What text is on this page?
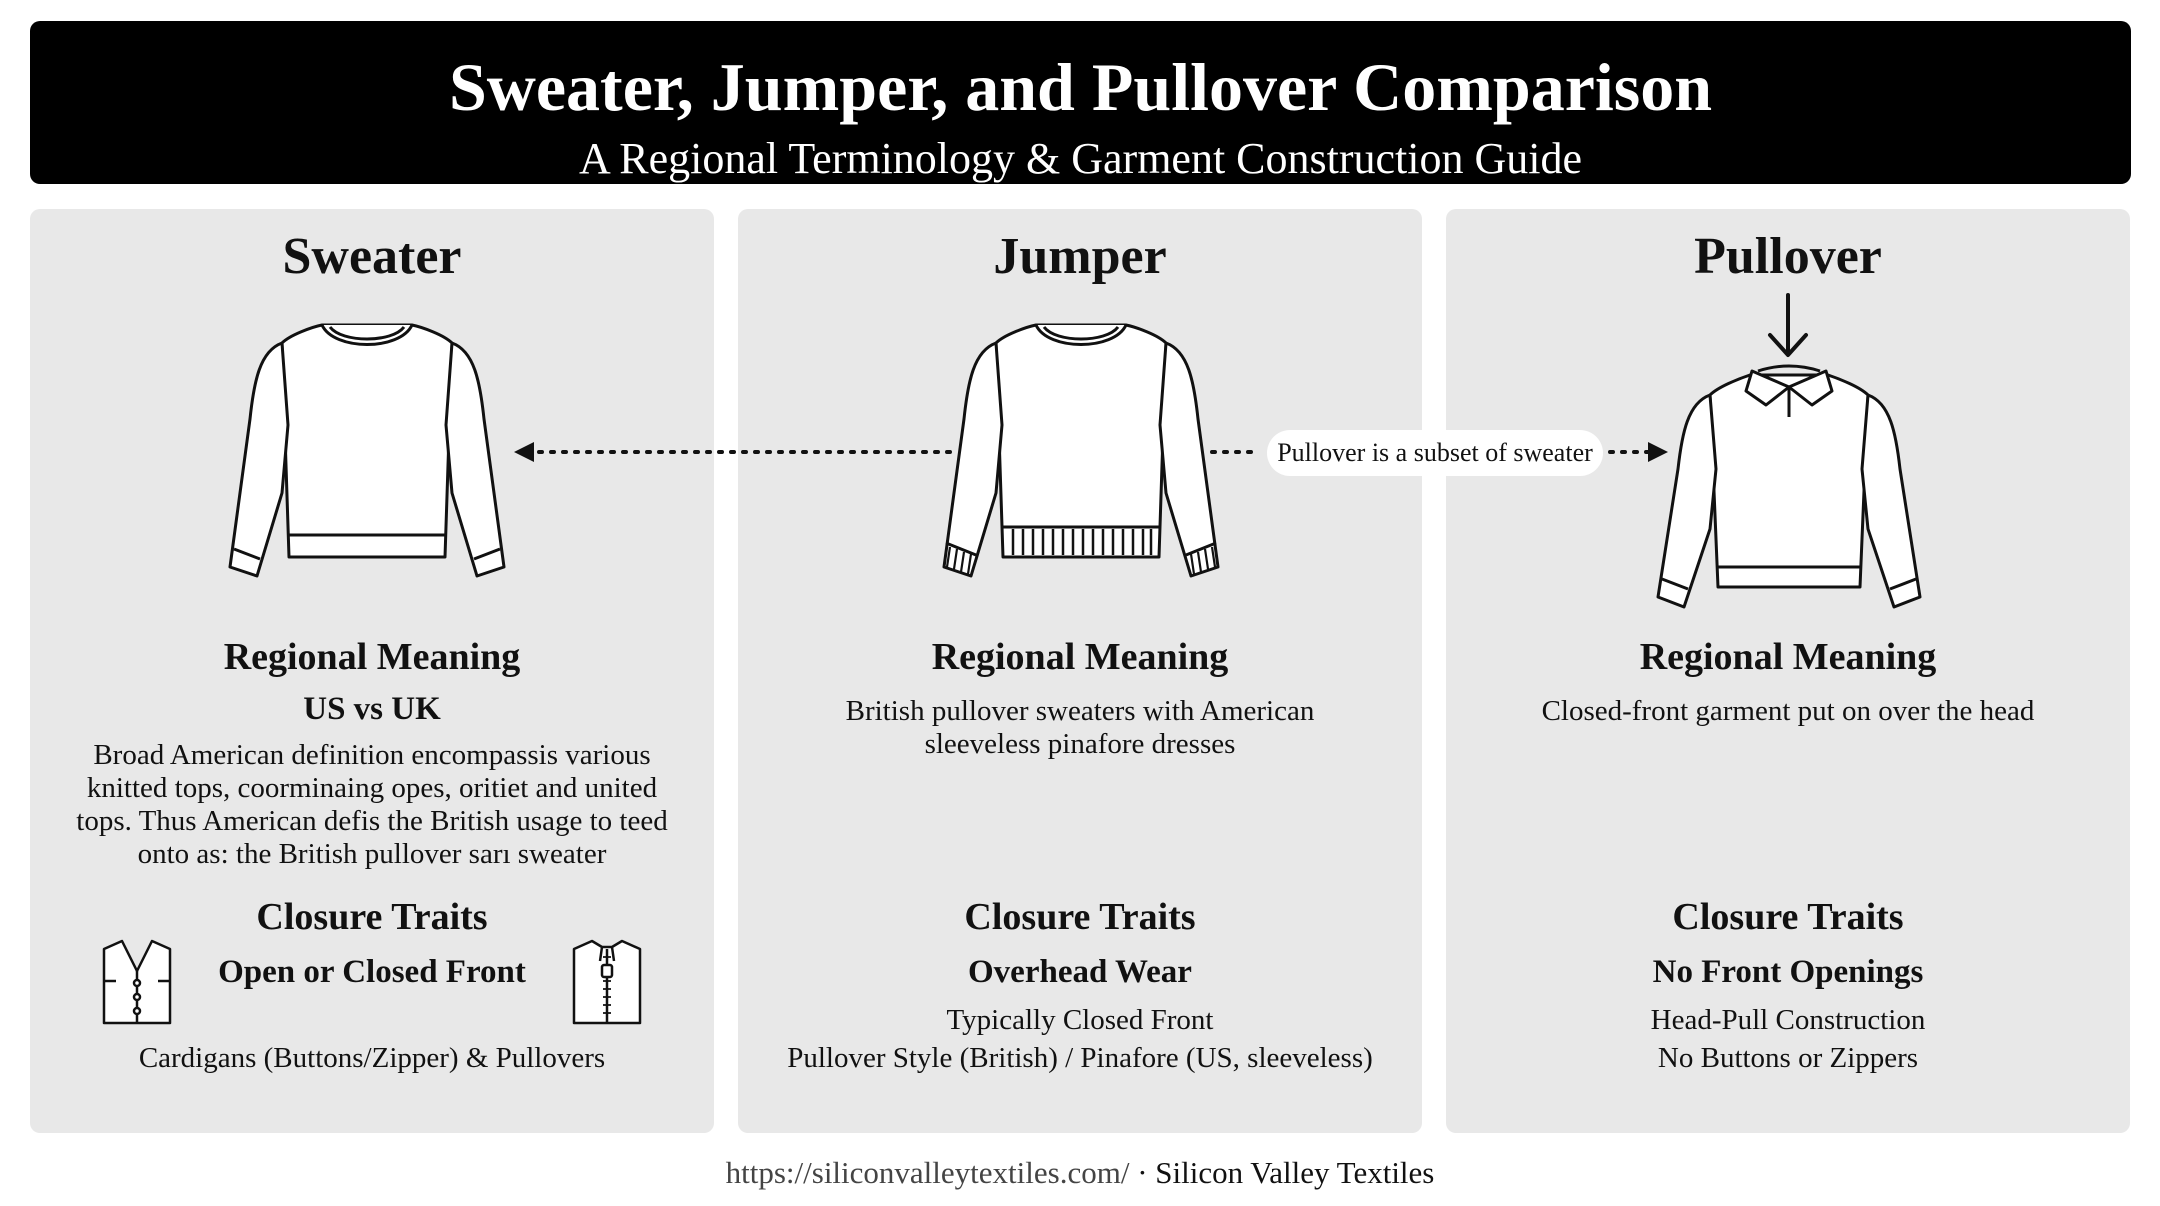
Sweater, Jumper, and Pullover Comparison
A Regional Terminology & Garment Construction Guide
Sweater
Regional Meaning
US vs UK
Broad American definition encompassis various knitted tops, coorminaing opes, oritiet and united tops. Thus American defis the British usage to teed onto as: the British pullover sarı sweater
Closure Traits
Open or Closed Front
Cardigans (Buttons/Zipper) & Pullovers
Jumper
Regional Meaning
British pullover sweaters with American sleeveless pinafore dresses
Closure Traits
Overhead Wear
Typically Closed Front
Pullover Style (British) / Pinafore (US, sleeveless)
Pullover
Regional Meaning
Closed-front garment put on over the head
Closure Traits
No Front Openings
Head-Pull Construction
No Buttons or Zippers
Pullover is a subset of sweater
https://siliconvalleytextiles.com/ · Silicon Valley Textiles
